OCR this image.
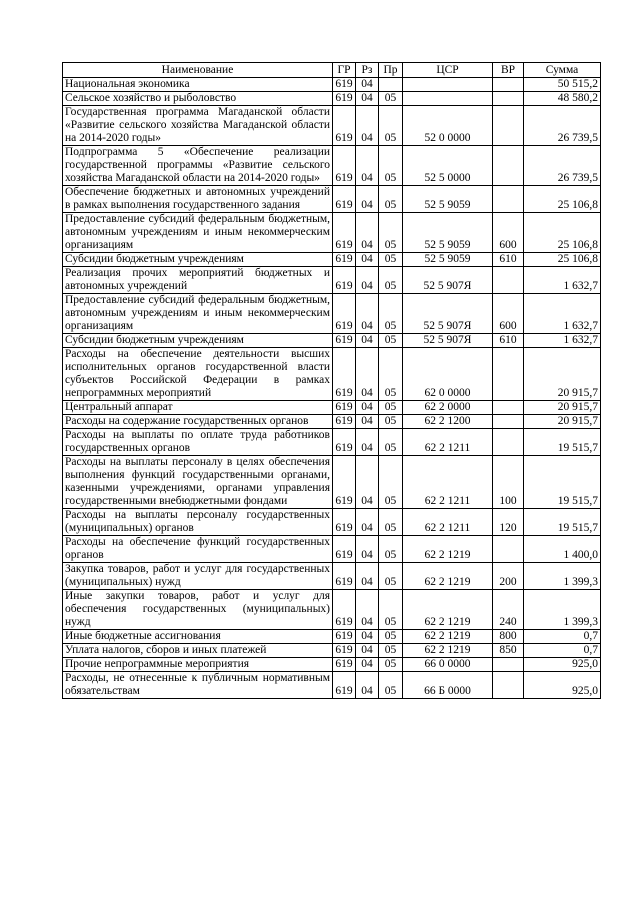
Наименование	ГР	Рз	Пр	ЦСР	ВР	Сумма
Национальная экономика	619	04				50 515,2
Сельское хозяйство и рыболовство	619	04	05			48 580,2
Государственная программа Магаданской области «Развитие сельского хозяйства Магаданской области на 2014-2020 годы»	619	04	05	52 0 0000		26 739,5
Подпрограмма 5 «Обеспечение реализации государственной программы «Развитие сельского хозяйства Магаданской области на 2014-2020 годы»	619	04	05	52 5 0000		26 739,5
Обеспечение бюджетных и автономных учреждений в рамках выполнения государственного задания	619	04	05	52 5 9059		25 106,8
Предоставление субсидий федеральным бюджетным, автономным учреждениям и иным некоммерческим организациям	619	04	05	52 5 9059	600	25 106,8
Субсидии бюджетным учреждениям	619	04	05	52 5 9059	610	25 106,8
Реализация прочих мероприятий бюджетных и автономных учреждений	619	04	05	52 5 907Я		1 632,7
Предоставление субсидий федеральным бюджетным, автономным учреждениям и иным некоммерческим организациям	619	04	05	52 5 907Я	600	1 632,7
Субсидии бюджетным учреждениям	619	04	05	52 5 907Я	610	1 632,7
Расходы на обеспечение деятельности высших исполнительных органов государственной власти субъектов Российской Федерации в рамках непрограммных мероприятий	619	04	05	62 0 0000		20 915,7
Центральный аппарат	619	04	05	62 2 0000		20 915,7
Расходы на содержание государственных органов	619	04	05	62 2 1200		20 915,7
Расходы на выплаты по оплате труда работников государственных органов	619	04	05	62 2 1211		19 515,7
Расходы на выплаты персоналу в целях обеспечения выполнения функций государственными органами, казенными учреждениями, органами управления государственными внебюджетными фондами	619	04	05	62 2 1211	100	19 515,7
Расходы на выплаты персоналу государственных (муниципальных) органов	619	04	05	62 2 1211	120	19 515,7
Расходы на обеспечение функций государственных органов	619	04	05	62 2 1219		1 400,0
Закупка товаров, работ и услуг для государственных (муниципальных) нужд	619	04	05	62 2 1219	200	1 399,3
Иные закупки товаров, работ и услуг для обеспечения государственных (муниципальных) нужд	619	04	05	62 2 1219	240	1 399,3
Иные бюджетные ассигнования	619	04	05	62 2 1219	800	0,7
Уплата налогов, сборов и иных платежей	619	04	05	62 2 1219	850	0,7
Прочие непрограммные мероприятия	619	04	05	66 0 0000		925,0
Расходы, не отнесенные к публичным нормативным обязательствам	619	04	05	66 Б 0000		925,0
